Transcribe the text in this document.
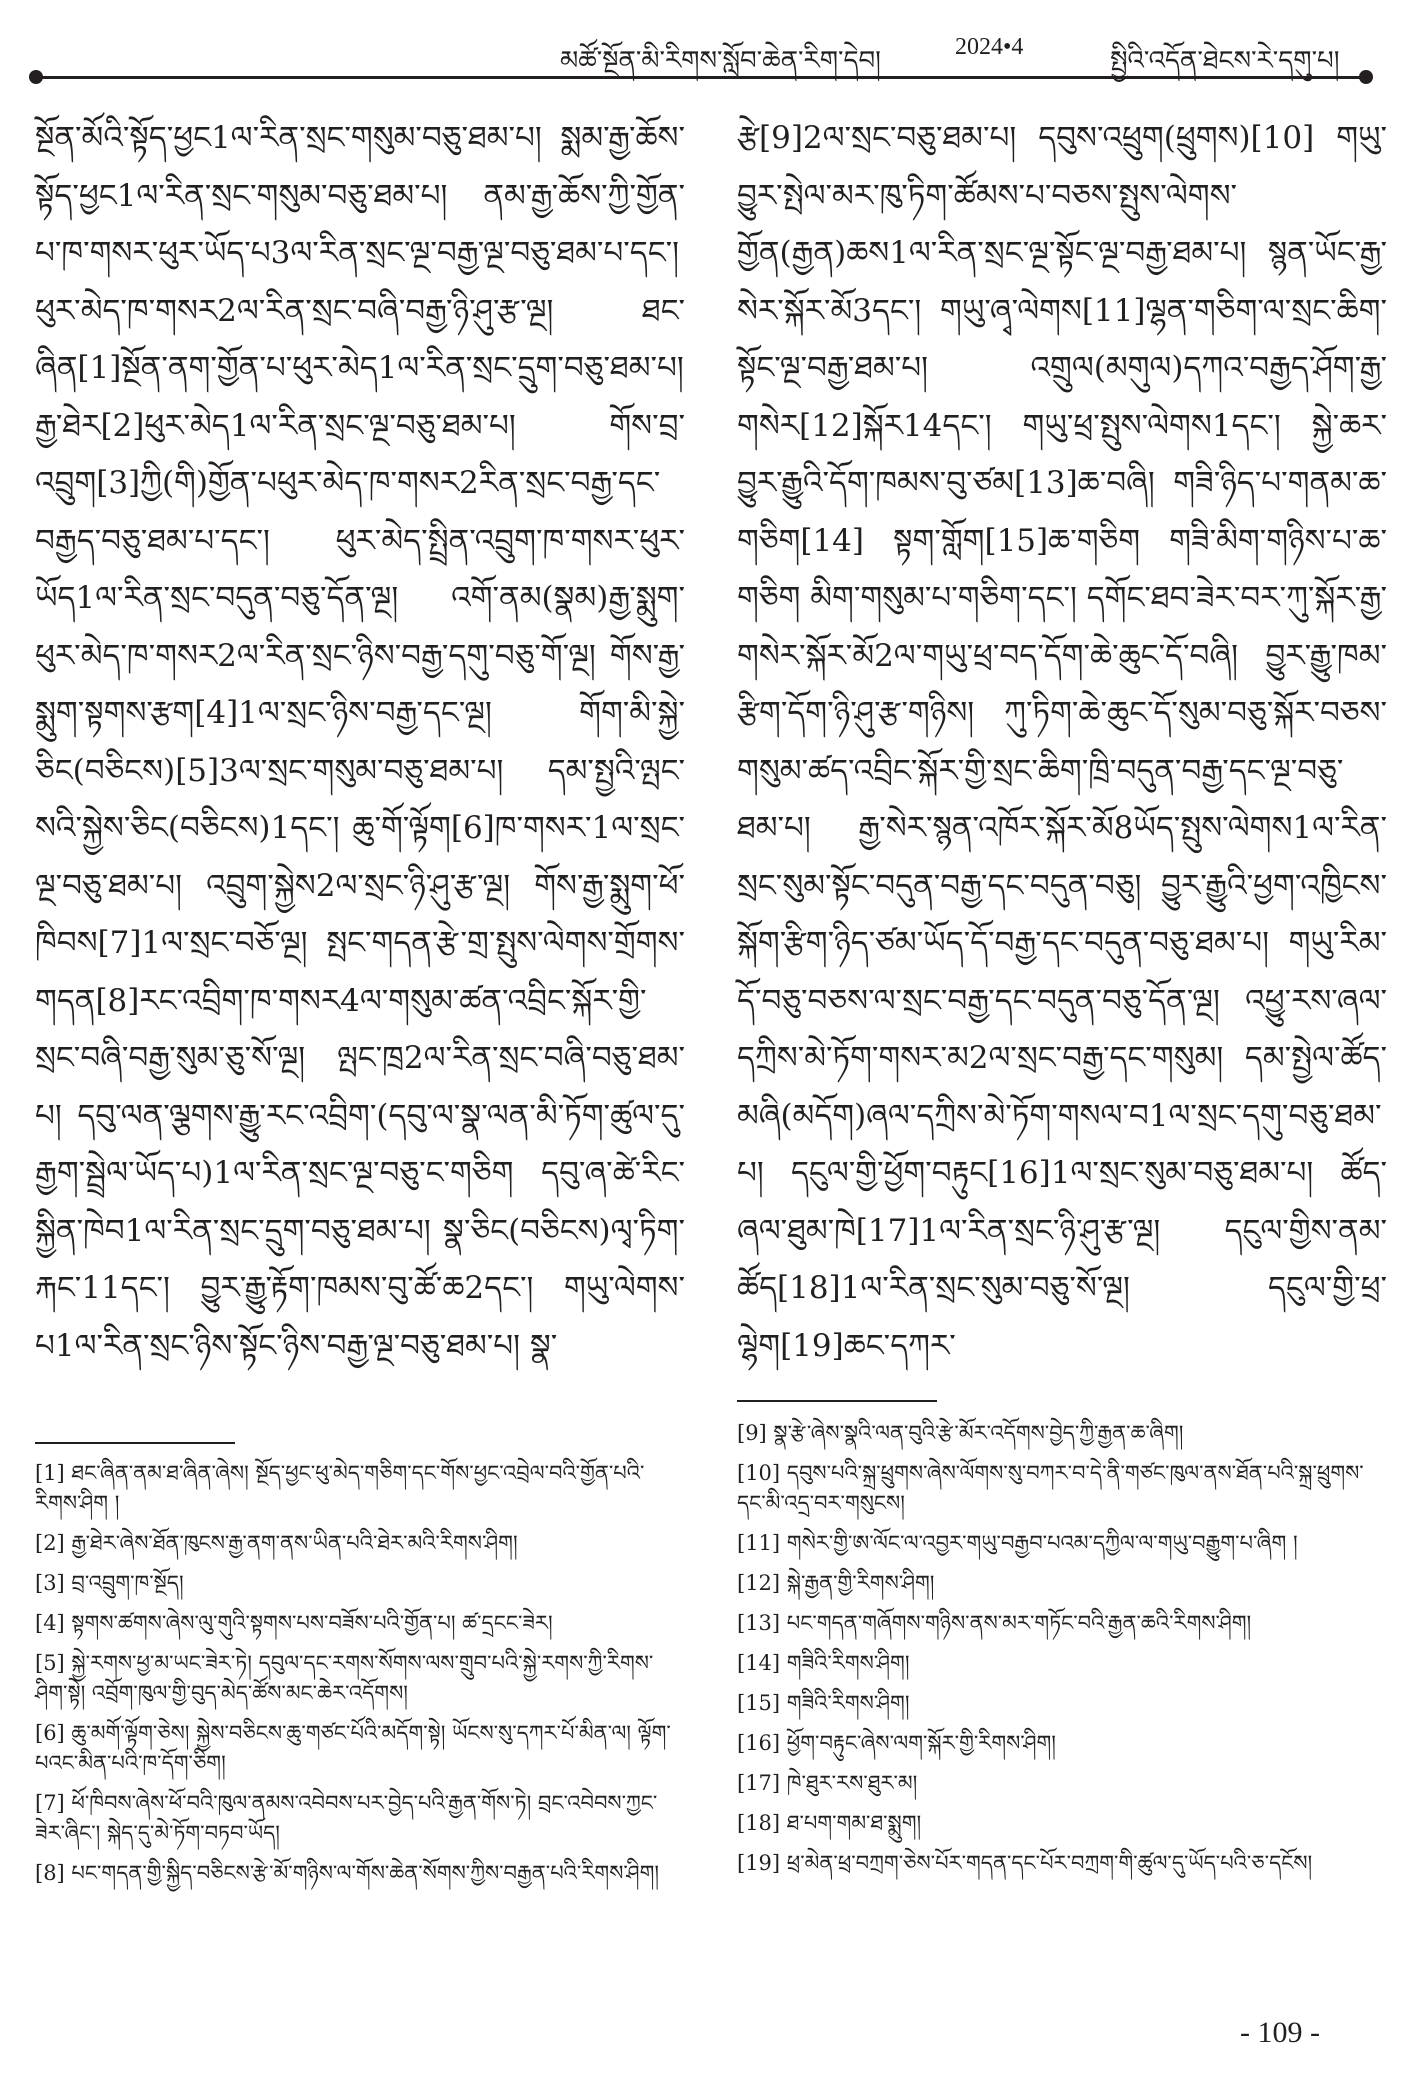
མཚོ་སྔོན་མི་རིགས་སློབ་ཆེན་རིག་དེབ།	2024•4	སྤྱིའི་འདོན་ཐེངས་རེ་དགུ་པ།

སྔོན་མོའི་སྟོད་ཕྱང1ལ་རིན་སྲང་གསུམ་བཅུ་ཐམ་པ། སྨམ་རྒྱ་ཆོས་སྟོད་ཕྱང1ལ་རིན་སྲང་གསུམ་བཅུ་ཐམ་པ། ནམ་རྒྱ་ཆོས་ཀྱི་གྱོན་པ་ཁ་གསར་ཕུར་ཡོད་པ3ལ་རིན་སྲང་ལྔ་བརྒྱ་ལྔ་བཅུ་ཐམ་པ་དང་། ཕུར་མེད་ཁ་གསར2ལ་རིན་སྲང་བཞི་བརྒྱ་ཉི་ཤུ་རྩ་ལྔ། ཐང་ཞིན[1]སྔོན་ནག་གྱོན་པ་ཕུར་མེད1ལ་རིན་སྲང་དྲུག་བཅུ་ཐམ་པ། རྒྱ་ཐེར[2]ཕུར་མེད1ལ་རིན་སྲང་ལྔ་བཅུ་ཐམ་པ། གོས་བྲ་འབྲུག[3]ཀྱི(གི)གྱོན་པཕུར་མེད་ཁ་གསར2རིན་སྲང་བརྒྱ་དང་བརྒྱད་བཅུ་ཐམ་པ་དང་། ཕུར་མེད་སྤྲིན་འབྲུག་ཁ་གསར་ཕུར་ཡོད1ལ་རིན་སྲང་བདུན་བཅུ་དོན་ལྔ། འགོ་ནམ(སྣམ)རྒྱ་སྨུག་ཕུར་མེད་ཁ་གསར2ལ་རིན་སྲང་ཉིས་བརྒྱ་དགུ་བཅུ་གོ་ལྔ། གོས་རྒྱ་སྨུག་སྟགས་རྩག[4]1ལ་སྲང་ཉིས་བརྒྱ་དང་ལྔ། གོག་མི་སྐྱེ་ཅིང(བཅིངས)[5]3ལ་སྲང་གསུམ་བཅུ་ཐམ་པ། དམ་སྤྱའི་ལྤང་སའི་སྐྱེས་ཅིང(བཅིངས)1དང་། ཆུ་གོ་ལྟོག[6]ཁ་གསར་1ལ་སྲང་ལྔ་བཅུ་ཐམ་པ། འབྲུག་སྐྱེས2ལ་སྲང་ཉི་ཤུ་རྩ་ལྔ། གོས་རྒྱ་སྨུག་ཕོ་ཁིབས[7]1ལ་སྲང་བཅོ་ལྔ། སྤང་གདན་རྩེ་གྲ་སྤུས་ལེགས་གྲོགས་གདན[8]རང་འབྲིག་ཁ་གསར4ལ་གསུམ་ཚན་འབྲིང་སྐོར་གྱི་སྲང་བཞི་བརྒྱ་སུམ་ཅུ་སོ་ལྔ། ལྤང་ཁྲ2ལ་རིན་སྲང་བཞི་བཅུ་ཐམ་པ། དབུ་ལན་ལྕགས་རྒྱུ་རང་འབྲིག་(དབུ་ལ་སྣ་ལན་མི་ཏོག་ཚུལ་དུ་རྒྱག་སྦྲེལ་ཡོད་པ)1ལ་རིན་སྲང་ལྔ་བཅུ་ང་གཅིག དབུ་ཞ་ཚེ་རིང་སྐྱིན་ཁེབ1ལ་རིན་སྲང་དྲུག་བཅུ་ཐམ་པ། སྣ་ཅིང(བཅིངས)ལྭ་ཏིག་རྐང་11དང་། བྱུར་རྒྱུ་རྟོག་ཁམས་བུ་ཚོ་ཆ2དང་། གཡུ་ལེགས་པ1ལ་རིན་སྲང་ཉིས་སྟོང་ཉིས་བརྒྱ་ལྔ་བཅུ་ཐམ་པ། སྣ་

རྩེ[9]2ལ་སྲང་བཅུ་ཐམ་པ། དབུས་འཕྲུག(ཕྲུགས)[10] གཡུ་བྱུར་སྤེལ་མར་ཁུ་ཏིག་ཚོམས་པ་བཅས་སྤུས་ལེགས་གྱོན(རྒྱན)ཆས1ལ་རིན་སྲང་ལྔ་སྟོང་ལྔ་བརྒྱ་ཐམ་པ། སྙན་ཡོང་རྒྱ་སེར་སྐོར་མོ3དང་། གཡུ་ཞྭ་ལེགས[11]ལྷན་གཅིག་ལ་སྲང་ཆིག་སྟོང་ལྔ་བརྒྱ་ཐམ་པ། འགྲུལ(མགུལ)དཀའ་བརྒྱད་ཤོག་རྒྱ་གསེར[12]སྐོར14དང་། གཡུ་ཕྲ་སྤུས་ལེགས1དང་། སྐྱེ་ཆར་བྱུར་རྒྱུའི་དོག་ཁམས་བུ་ཙམ[13]ཆ་བཞི། གཟི་ཉིད་པ་གནམ་ཆ་གཅིག[14] སྟག་གློག[15]ཆ་གཅིག གཟི་མིག་གཉིས་པ་ཆ་གཅིག མིག་གསུམ་པ་གཅིག་དང་། དགོང་ཐབ་ཟེར་བར་ཀུ་སྐོར་རྒྱ་གསེར་སྐོར་མོ2ལ་གཡུ་ཕྲ་བད་དོག་ཆེ་ཆུང་དོ་བཞི། བྱུར་རྒྱུ་ཁམ་རྩིག་དོག་ཉི་ཤུ་རྩ་གཉིས། ཀུ་ཏིག་ཆེ་ཆུང་དོ་སུམ་བཅུ་སྐོར་བཅས་གསུམ་ཚད་འབྲིང་སྐོར་གྱི་སྲང་ཆིག་ཁྲི་བདུན་བརྒྱ་དང་ལྔ་བཅུ་ཐམ་པ། རྒྱ་སེར་སྙན་འཁོར་སྐོར་མོ8ཡོད་སྤུས་ལེགས1ལ་རིན་སྲང་སུམ་སྟོང་བདུན་བརྒྱ་དང་བདུན་བཅུ། བྱུར་རྒྱུའི་ཕྱག་འཁྱིངས་སྐོག་རྩིག་ཉིད་ཙམ་ཡོད་དོ་བརྒྱ་དང་བདུན་བཅུ་ཐམ་པ། གཡུ་རིམ་དོ་བཅུ་བཅས་ལ་སྲང་བརྒྱ་དང་བདུན་བཅུ་དོན་ལྔ། འཕྱུ་རས་ཞལ་དཀྲིས་མེ་ཏོག་གསར་མ2ལ་སྲང་བརྒྱ་དང་གསུམ། དམ་སྤྱེལ་ཚོད་མཞི(མདོག)ཞལ་དཀྲིས་མེ་ཏོག་གསལ་བ1ལ་སྲང་དགུ་བཅུ་ཐམ་པ། དངུལ་གྱི་ཕྱོག་བརྟུང[16]1ལ་སྲང་སུམ་བཅུ་ཐམ་པ། ཚོད་ཞལ་ཐུམ་ཁེ[17]1ལ་རིན་སྲང་ཉི་ཤུ་རྩ་ལྔ། དངུལ་གྱིས་ནམ་ཚོད[18]1ལ་རིན་སྲང་སུམ་བཅུ་སོ་ལྔ། དངུལ་གྱི་ཕྲ་ལྷེག[19]ཆང་དཀར་

[1] ཐང་ཞིན་ནམ་ཐ་ཞིན་ཞེས། སྔོད་ཕྱང་ཕུ་མེད་གཅིག་དང་གོས་ཕྱང་འབྲེལ་བའི་གྱོན་པའི་རིགས་ཤིག །
[2] རྒྱ་ཐེར་ཞེས་ཐོན་ཁུངས་རྒྱ་ནག་ནས་ཡིན་པའི་ཐེར་མའི་རིགས་ཤིག།
[3] བྲ་འབྲུག་ཁ་སྔོད།
[4] སྟགས་ཚགས་ཞེས་ལུ་གུའི་སྟགས་པས་བཟོས་པའི་གྱོན་པ། ཚ་དྲངང་ཟེར།
[5] སྐྱེ་རགས་ཕྱ་མ་ཡང་ཟེར་ཏེ། དབུལ་དང་རགས་སོགས་ལས་གྲུབ་པའི་སྐྱེ་རགས་ཀྱི་རིགས་ཤིག་སྟེ། འབྲོག་ཁུལ་གྱི་བུད་མེད་ཚོས་མང་ཆེར་འདོགས།
[6] ཆུ་མགོ་ལྟོག་ཅེས། སྐྱེས་བཅིངས་ཆུ་གཙང་པོའི་མདོག་སྟེ། ཡོངས་སུ་དཀར་པོ་མིན་ལ། ལྟོག་པའང་མིན་པའི་ཁ་དོག་ཅིག།
[7] ཕོ་ཁིབས་ཞེས་ཕོ་བའི་ཁུལ་ནམས་འབེབས་པར་བྱེད་པའི་རྒྱན་གོས་ཏེ། བྲང་འབེབས་ཀྱང་ཟེར་ཞིང་། སྐེད་དུ་མེ་ཏོག་བཏབ་ཡོད།
[8] པང་གདན་གྱི་སྐྱིད་བཅིངས་རྩེ་མོ་གཉིས་ལ་གོས་ཆེན་སོགས་ཀྱིས་བརྒྱན་པའི་རིགས་ཤིག།
[9] སྣ་རྩེ་ཞེས་སྣའི་ལན་བུའི་རྩེ་མོར་འདོགས་བྱེད་ཀྱི་རྒྱན་ཆ་ཞིག།
[10] དབུས་པའི་སྐྲ་ཕྲུགས་ཞེས་ལོགས་སུ་བཀར་བ་དེ་ནི་གཙང་ཁུལ་ནས་ཐོན་པའི་སྐྲ་ཕྲུགས་དང་མི་འདྲ་བར་གསུངས།
[11] གསེར་གྱི་ཨ་ལོང་ལ་འབྱར་གཡུ་བརྒྱབ་པའམ་དཀྱིལ་ལ་གཡུ་བརྒྱུག་པ་ཞིག །
[12] སྐེ་རྒྱན་གྱི་རིགས་ཤིག།
[13] པང་གདན་གཞོགས་གཉིས་ནས་མར་གཏོང་བའི་རྒྱན་ཆའི་རིགས་ཤིག།
[14] གཟིའི་རིགས་ཤིག།
[15] གཟིའི་རིགས་ཤིག།
[16] ཕྱོག་བརྟུང་ཞེས་ལག་སྐོར་གྱི་རིགས་ཤིག།
[17] ཁེ་ཐུར་རས་ཐུར་མ།
[18] ཐ་པག་གམ་ཐ་སྨུག།
[19] ཕྲ་མེན་ཕྲ་བཀྲག་ཅེས་པོར་གདན་དང་པོར་བཀྲག་གི་ཚུལ་དུ་ཡོད་པའི་ཅ་དངོས།
- 109 -
